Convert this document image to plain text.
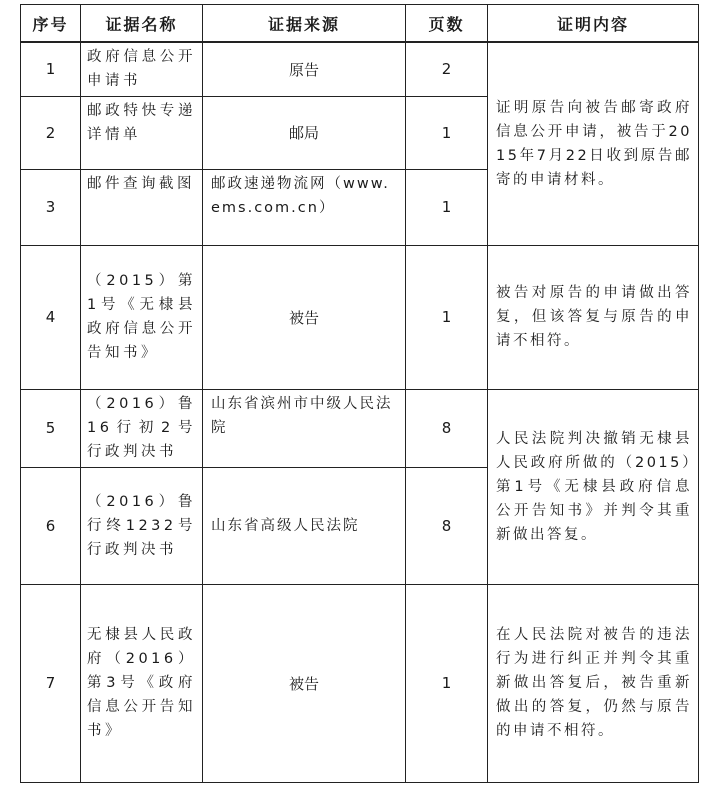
序号	证据名称	证据来源	页数	证明内容
1	政府信息公开申请书	原告	2	证明原告向被告邮寄政府信息公开申请，被告于2015年7月22日收到原告邮寄的申请材料。
2	邮政特快专递详情单	邮局	1	
3	邮件查询截图	邮政速递物流网（www.ems.com.cn）	1	
4	（2015）第1号《无棣县政府信息公开告知书》	被告	1	被告对原告的申请做出答复，但该答复与原告的申请不相符。
5	（2016）鲁16行初2号行政判决书	山东省滨州市中级人民法院	8	人民法院判决撤销无棣县人民政府所做的（2015）第1号《无棣县政府信息公开告知书》并判令其重新做出答复。
6	（2016）鲁行终1232号行政判决书	山东省高级人民法院	8	
7	无棣县人民政府（2016）第3号《政府信息公开告知书》	被告	1	在人民法院对被告的违法行为进行纠正并判令其重新做出答复后，被告重新做出的答复，仍然与原告的申请不相符。
